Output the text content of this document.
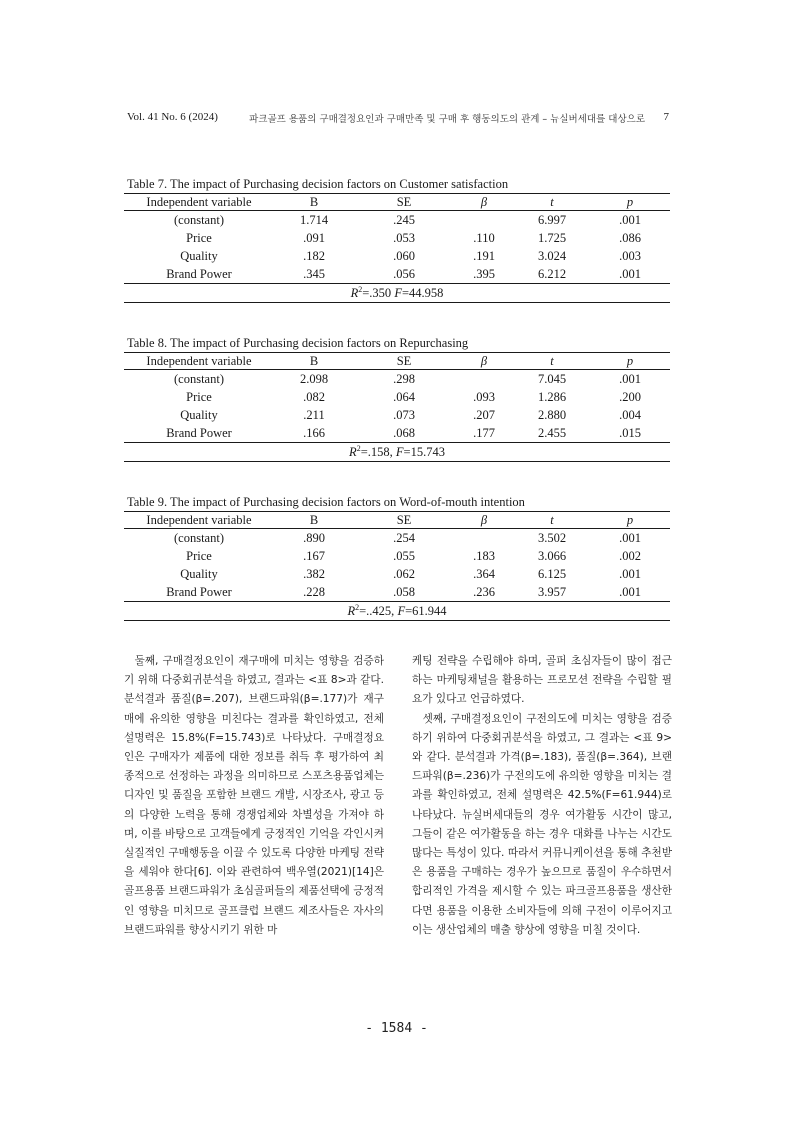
Vol. 41 No. 6 (2024)	파크골프 용품의 구매결정요인과 구매만족 및 구매 후 행동의도의 관계 – 뉴실버세대를 대상으로 7
Table 7. The impact of Purchasing decision factors on Customer satisfaction
Independent variable	B	SE	β	t	p
(constant)	1.714	.245		6.997	.001
Price	.091	.053	.110	1.725	.086
Quality	.182	.060	.191	3.024	.003
Brand Power	.345	.056	.395	6.212	.001
$R^2=.350$ F=44.958					
Table 8. The impact of Purchasing decision factors on Repurchasing
Independent variable	B	SE	β	t	p
(constant)	2.098	.298		7.045	.001
Price	.082	.064	.093	1.286	.200
Quality	.211	.073	.207	2.880	.004
Brand Power	.166	.068	.177	2.455	.015
$R^2=.158$, F=15.743					
Table 9. The impact of Purchasing decision factors on Word-of-mouth intention
Independent variable	B	SE	β	t	p
(constant)	.890	.254		3.502	.001
Price	.167	.055	.183	3.066	.002
Quality	.382	.062	.364	6.125	.001
Brand Power	.228	.058	.236	3.957	.001
$R^2=..425$, F=61.944					

둘째, 구매결정요인이 재구매에 미치는 영향을 검증하기 위해 다중회귀분석을 하였고, 결과는 <표 8>과 같다. 분석결과 품질(β=.207), 브랜드파워(β=.177)가 재구매에 유의한 영향을 미친다는 결과를 확인하였고, 전체 설명력은 15.8%(F=15.743)로 나타났다. 구매결정요인은 구매자가 제품에 대한 정보를 취득 후 평가하여 최종적으로 선정하는 과정을 의미하므로 스포츠용품업체는 디자인 및 품질을 포함한 브랜드 개발, 시장조사, 광고 등의 다양한 노력을 통해 경쟁업체와 차별성을 가져야 하며, 이를 바탕으로 고객들에게 긍정적인 기억을 각인시켜 실질적인 구매행동을 이끌 수 있도록 다양한 마케팅 전략을 세워야 한다[6]. 이와 관련하여 백우열(2021)[14]은 골프용품 브랜드파워가 초심골퍼들의 제품선택에 긍정적인 영향을 미치므로 골프클럽 브랜드 제조사들은 자사의 브랜드파워를 향상시키기 위한 마

케팅 전략을 수립해야 하며, 골퍼 초심자들이 많이 접근하는 마케팅채널을 활용하는 프로모션 전략을 수립할 필요가 있다고 언급하였다.

셋째, 구매결정요인이 구전의도에 미치는 영향을 검증하기 위하여 다중회귀분석을 하였고, 그 결과는 <표 9>와 같다. 분석결과 가격(β=.183), 품질(β=.364), 브랜드파워(β=.236)가 구전의도에 유의한 영향을 미치는 결과를 확인하였고, 전체 설명력은 42.5%(F=61.944)로 나타났다. 뉴실버세대들의 경우 여가활동 시간이 많고, 그들이 같은 여가활동을 하는 경우 대화를 나누는 시간도 많다는 특성이 있다. 따라서 커뮤니케이션을 통해 추천받은 용품을 구매하는 경우가 높으므로 품질이 우수하면서 합리적인 가격을 제시할 수 있는 파크골프용품을 생산한다면 용품을 이용한 소비자들에 의해 구전이 이루어지고 이는 생산업체의 매출 향상에 영향을 미칠 것이다.

- 1584 -
